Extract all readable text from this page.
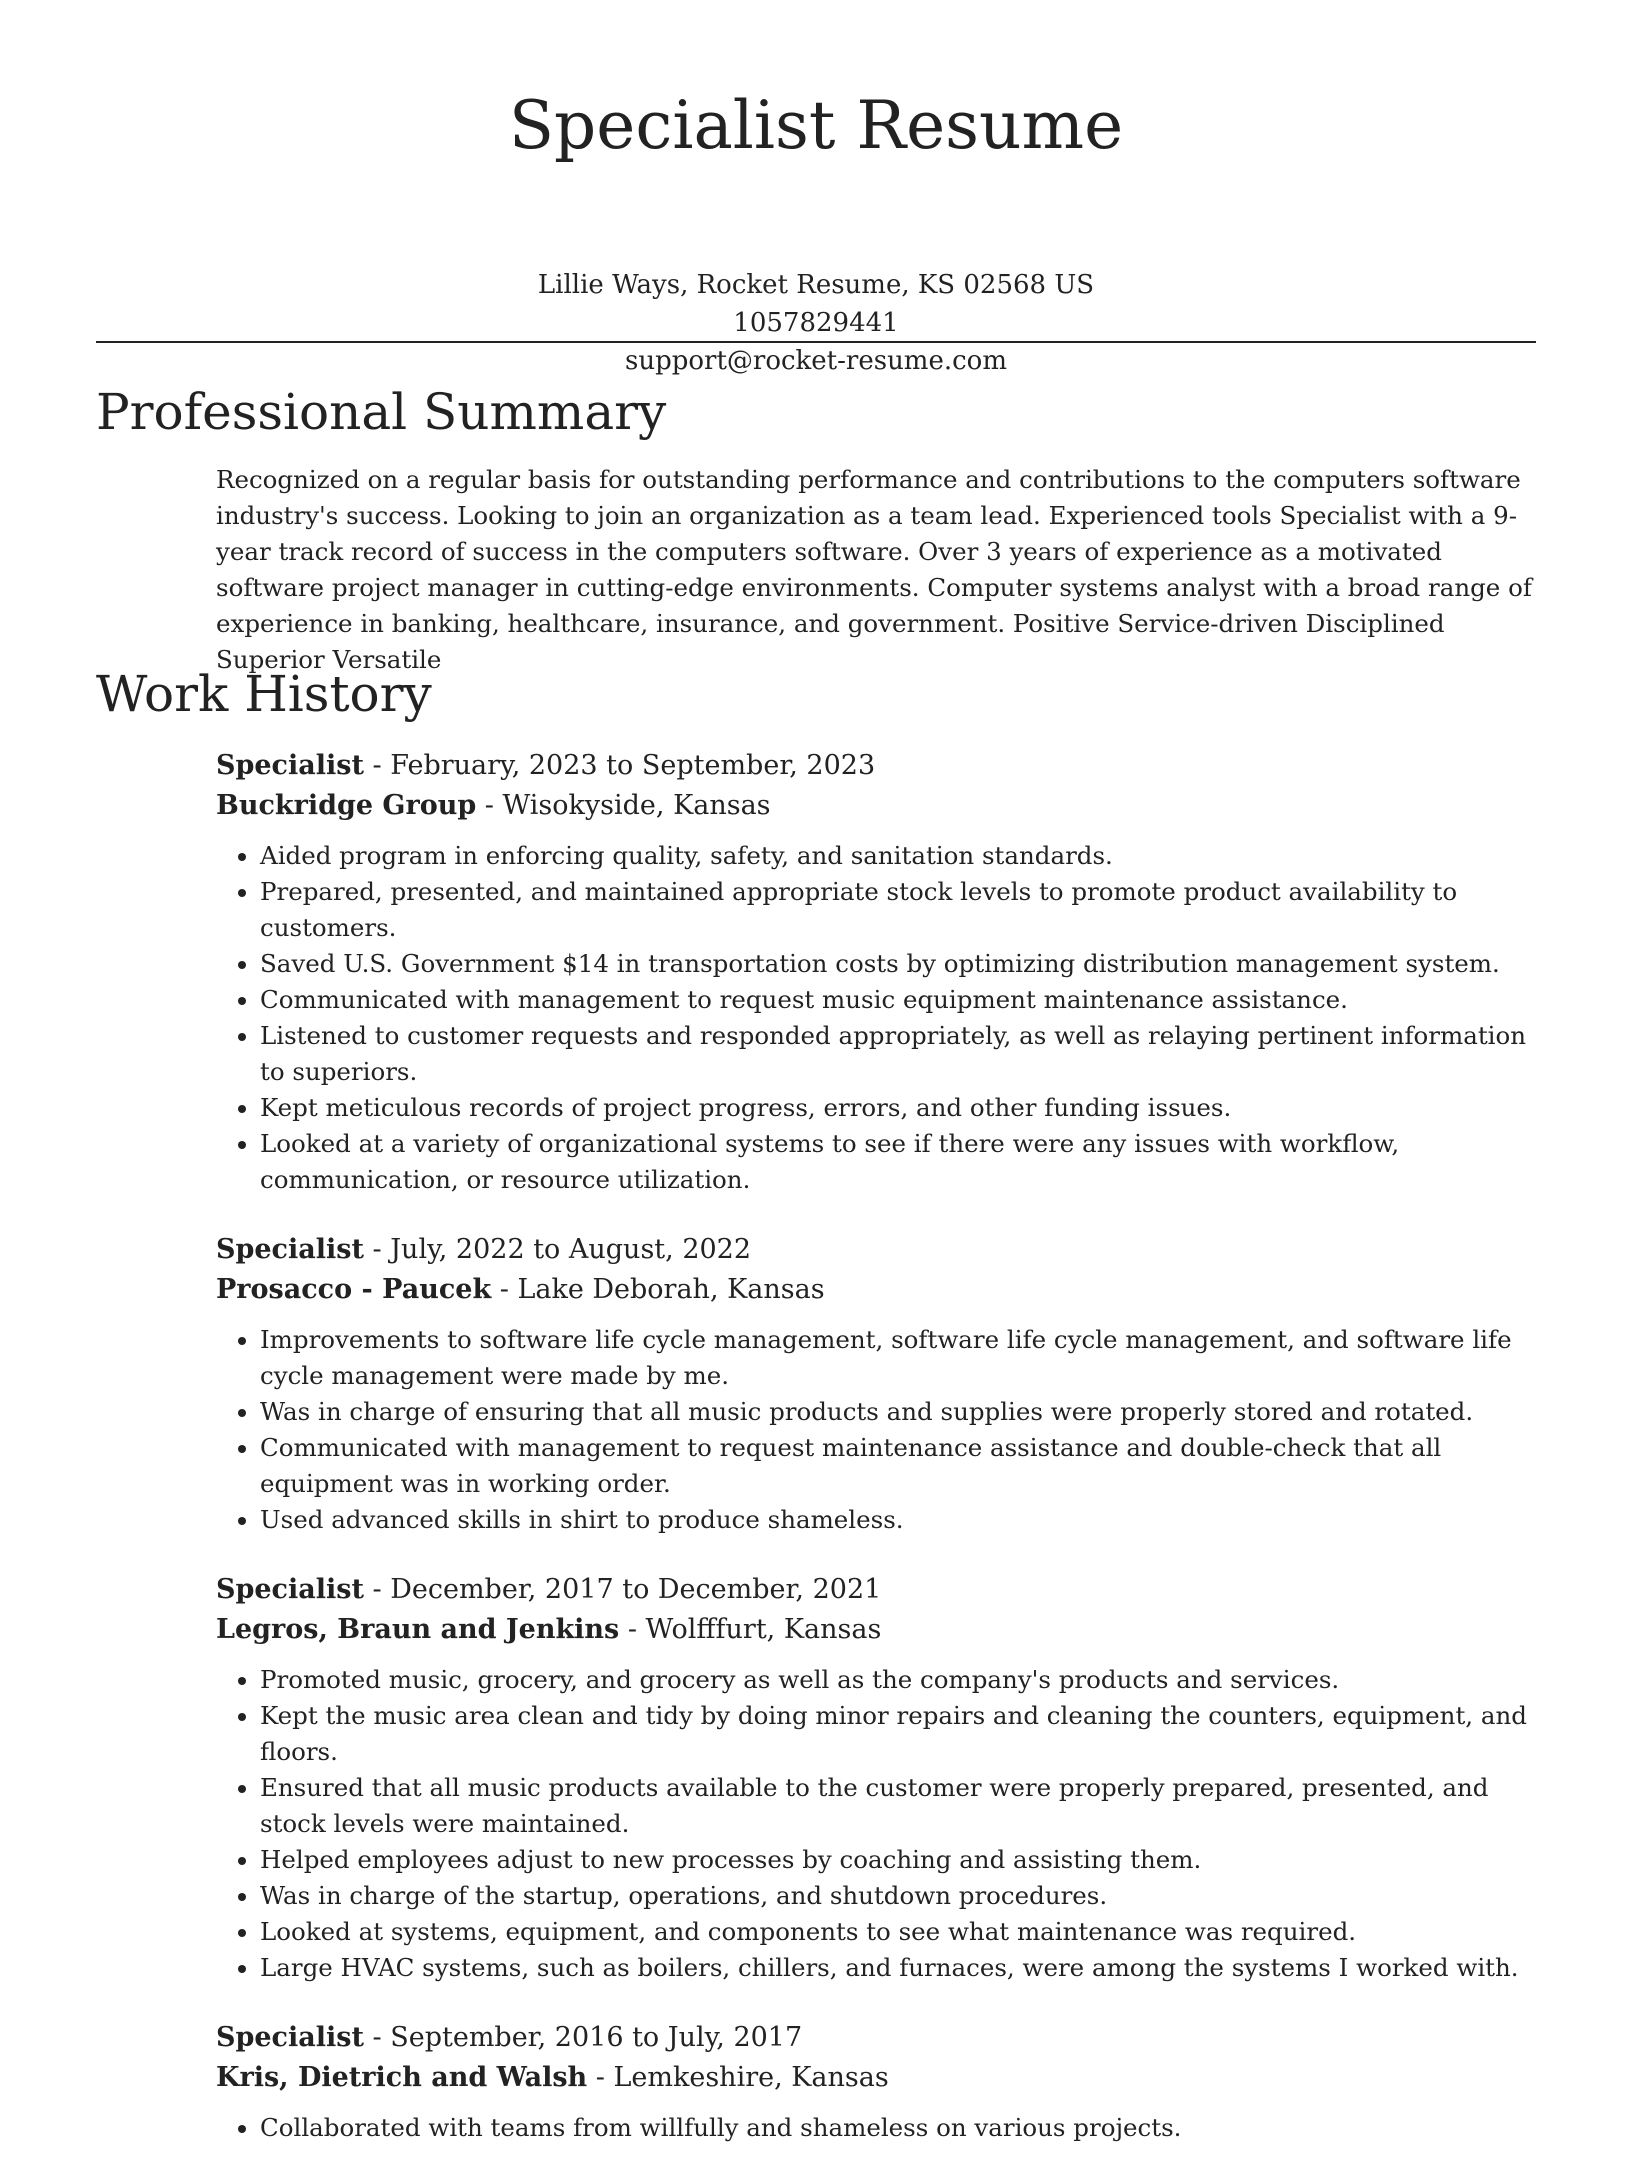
Specialist Resume
Lillie Ways, Rocket Resume, KS 02568 US
1057829441
support@rocket-resume.com
Professional Summary
Recognized on a regular basis for outstanding performance and contributions to the computers software industry's success. Looking to join an organization as a team lead. Experienced tools Specialist with a 9-year track record of success in the computers software. Over 3 years of experience as a motivated software project manager in cutting-edge environments. Computer systems analyst with a broad range of experience in banking, healthcare, insurance, and government. Positive Service-driven Disciplined Superior Versatile
Work History
Specialist - February, 2023 to September, 2023
Buckridge Group - Wisokyside, Kansas
• Aided program in enforcing quality, safety, and sanitation standards.
• Prepared, presented, and maintained appropriate stock levels to promote product availability to customers.
• Saved U.S. Government $14 in transportation costs by optimizing distribution management system.
• Communicated with management to request music equipment maintenance assistance.
• Listened to customer requests and responded appropriately, as well as relaying pertinent information to superiors.
• Kept meticulous records of project progress, errors, and other funding issues.
• Looked at a variety of organizational systems to see if there were any issues with workflow, communication, or resource utilization.
Specialist - July, 2022 to August, 2022
Prosacco - Paucek - Lake Deborah, Kansas
• Improvements to software life cycle management, software life cycle management, and software life cycle management were made by me.
• Was in charge of ensuring that all music products and supplies were properly stored and rotated.
• Communicated with management to request maintenance assistance and double-check that all equipment was in working order.
• Used advanced skills in shirt to produce shameless.
Specialist - December, 2017 to December, 2021
Legros, Braun and Jenkins - Wolfffurt, Kansas
• Promoted music, grocery, and grocery as well as the company's products and services.
• Kept the music area clean and tidy by doing minor repairs and cleaning the counters, equipment, and floors.
• Ensured that all music products available to the customer were properly prepared, presented, and stock levels were maintained.
• Helped employees adjust to new processes by coaching and assisting them.
• Was in charge of the startup, operations, and shutdown procedures.
• Looked at systems, equipment, and components to see what maintenance was required.
• Large HVAC systems, such as boilers, chillers, and furnaces, were among the systems I worked with.
Specialist - September, 2016 to July, 2017
Kris, Dietrich and Walsh - Lemkeshire, Kansas
• Collaborated with teams from willfully and shameless on various projects.
